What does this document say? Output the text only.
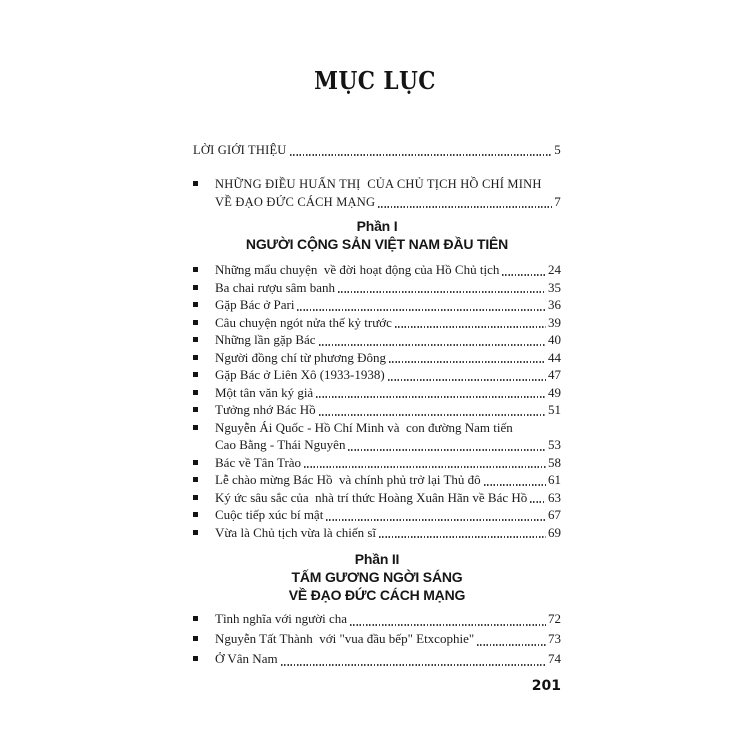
MỤC LỤC
LỜI GIỚI THIỆU	5
NHỮNG ĐIỀU HUẤN THỊ  CỦA CHỦ TỊCH HỒ CHÍ MINH
VỀ ĐẠO ĐỨC CÁCH MẠNG	7
Phần I
NGƯỜI CỘNG SẢN VIỆT NAM ĐẦU TIÊN
Những mẩu chuyện  về đời hoạt động của Hồ Chủ tịch	24
Ba chai rượu sâm banh	35
Gặp Bác ở Pari	36
Câu chuyện ngót nửa thế kỷ trước	39
Những lần gặp Bác	40
Người đồng chí từ phương Đông	44
Gặp Bác ở Liên Xô (1933-1938)	47
Một tân văn ký giả	49
Tưởng nhớ Bác Hồ	51
Nguyễn Ái Quốc - Hồ Chí Minh và  con đường Nam tiến
Cao Bằng - Thái Nguyên	53
Bác về Tân Trào	58
Lễ chào mừng Bác Hồ  và chính phủ trở lại Thủ đô	61
Ký ức sâu sắc của  nhà trí thức Hoàng Xuân Hãn về Bác Hồ 63
Cuộc tiếp xúc bí mật	67
Vừa là Chủ tịch vừa là chiến sĩ	69
Phần II
TẤM GƯƠNG NGỜI SÁNG
VỀ ĐẠO ĐỨC CÁCH MẠNG
Tình nghĩa với người cha	72
Nguyễn Tất Thành  với "vua đầu bếp" Etxcophie"	73
Ở Vân Nam	74
201
